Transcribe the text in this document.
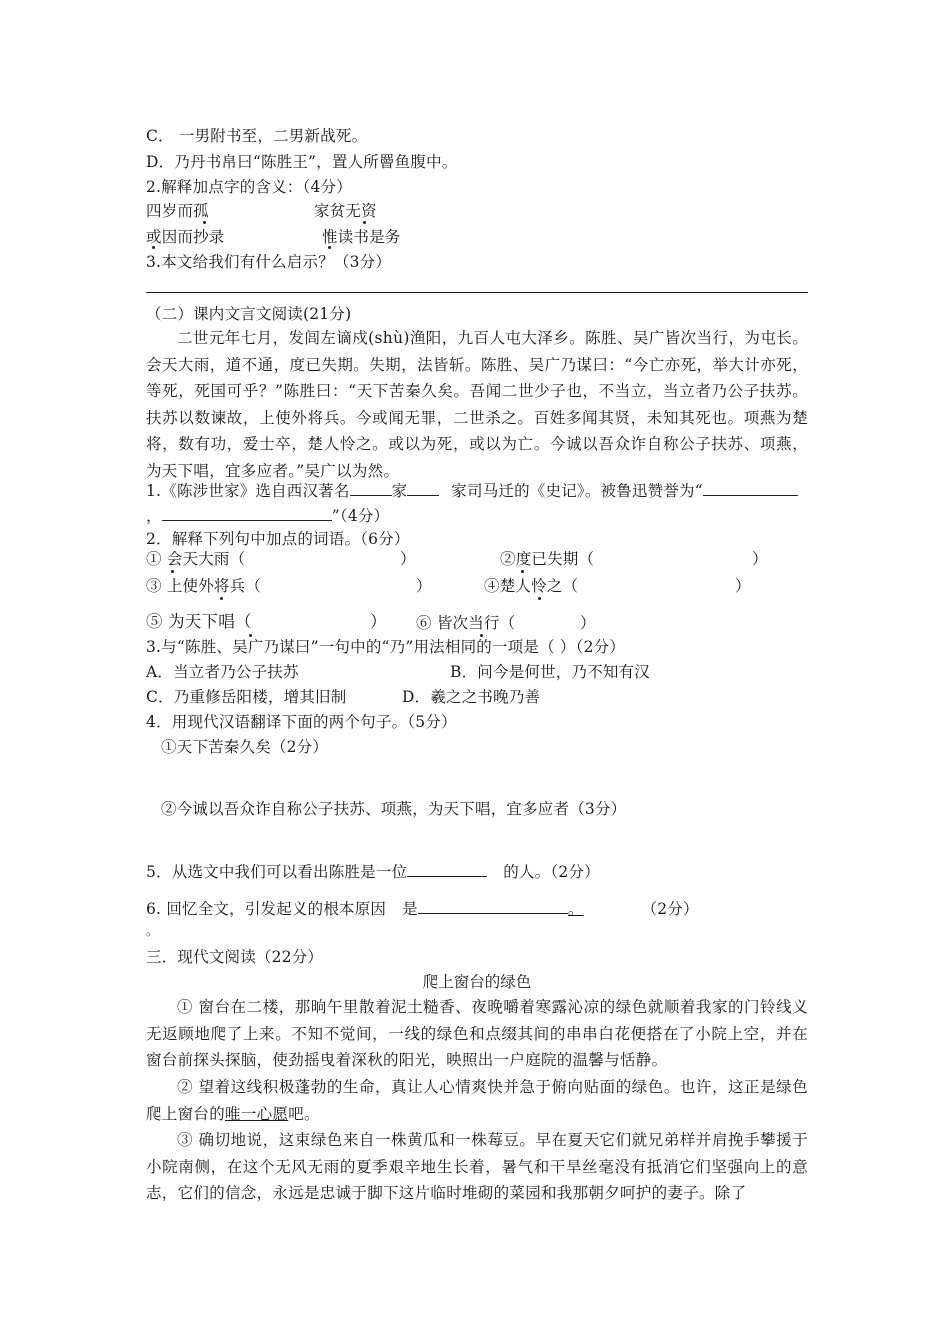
C． 一男附书至，二男新战死。
D．乃丹书帛曰“陈胜王”，置人所罾鱼腹中。
2.解释加点字的含义：（4分）
四岁而孤	家贫无资
或因而抄录	惟读书是务
3.本文给我们有什么启示？（3分）
（二）课内文言文阅读(21分)
二世元年七月，发闾左谪戍(shù)渔阳，九百人屯大泽乡。陈胜、吴广皆次当行，为屯长。会天大雨，道不通，度已失期。失期，法皆斩。陈胜、吴广乃谋曰：“今亡亦死，举大计亦死，等死，死国可乎？”陈胜曰：“天下苦秦久矣。吾闻二世少子也，不当立，当立者乃公子扶苏。扶苏以数谏故，上使外将兵。今或闻无罪，二世杀之。百姓多闻其贤，未知其死也。项燕为楚将，数有功，爱士卒，楚人怜之。或以为死，或以为亡。今诚以吾众诈自称公子扶苏、项燕，为天下唱，宜多应者。”吴广以为然。
1.《陈涉世家》选自西汉著名	家	家司马迁的《史记》。被鲁迅赞誉为“
，	”（4分）
2．解释下列句中加点的词语。（6分）
① 会天大雨（	）	②度已失期（	）
③ 上使外将兵（	）	④楚人怜之（	）
⑤ 为天下唱（	） ⑥ 皆次当行（	）
3.与“陈胜、吴广乃谋曰”一句中的“乃”用法相同的一项是（ ）（2分）
A．当立者乃公子扶苏	B．问今是何世，乃不知有汉
C．乃重修岳阳楼，增其旧制	D．羲之之书晚乃善
4．用现代汉语翻译下面的两个句子。（5分）
①天下苦秦久矣（2分）
②今诚以吾众诈自称公子扶苏、项燕，为天下唱，宜多应者（3分）
5．从选文中我们可以看出陈胜是一位	的人。（2分）
6. 回忆全文，引发起义的根本原因 是	。	（2分）
。
三．现代文阅读（22分）
爬上窗台的绿色
① 窗台在二楼，那晌午里散着泥土糙香、夜晚嚼着寒露沁凉的绿色就顺着我家的门铃线义无返顾地爬了上来。不知不觉间，一线的绿色和点缀其间的串串白花便搭在了小院上空，并在窗台前探头探脑，使劲摇曳着深秋的阳光，映照出一户庭院的温馨与恬静。
② 望着这线积极蓬勃的生命，真让人心情爽快并急于俯向贴面的绿色。也许，这正是绿色爬上窗台的唯一心愿吧。
③ 确切地说，这束绿色来自一株黄瓜和一株莓豆。早在夏天它们就兄弟样并肩挽手攀援于小院南侧，在这个无风无雨的夏季艰辛地生长着，暑气和干旱丝毫没有抵消它们坚强向上的意志，它们的信念，永远是忠诚于脚下这片临时堆砌的菜园和我那朝夕呵护的妻子。除了
